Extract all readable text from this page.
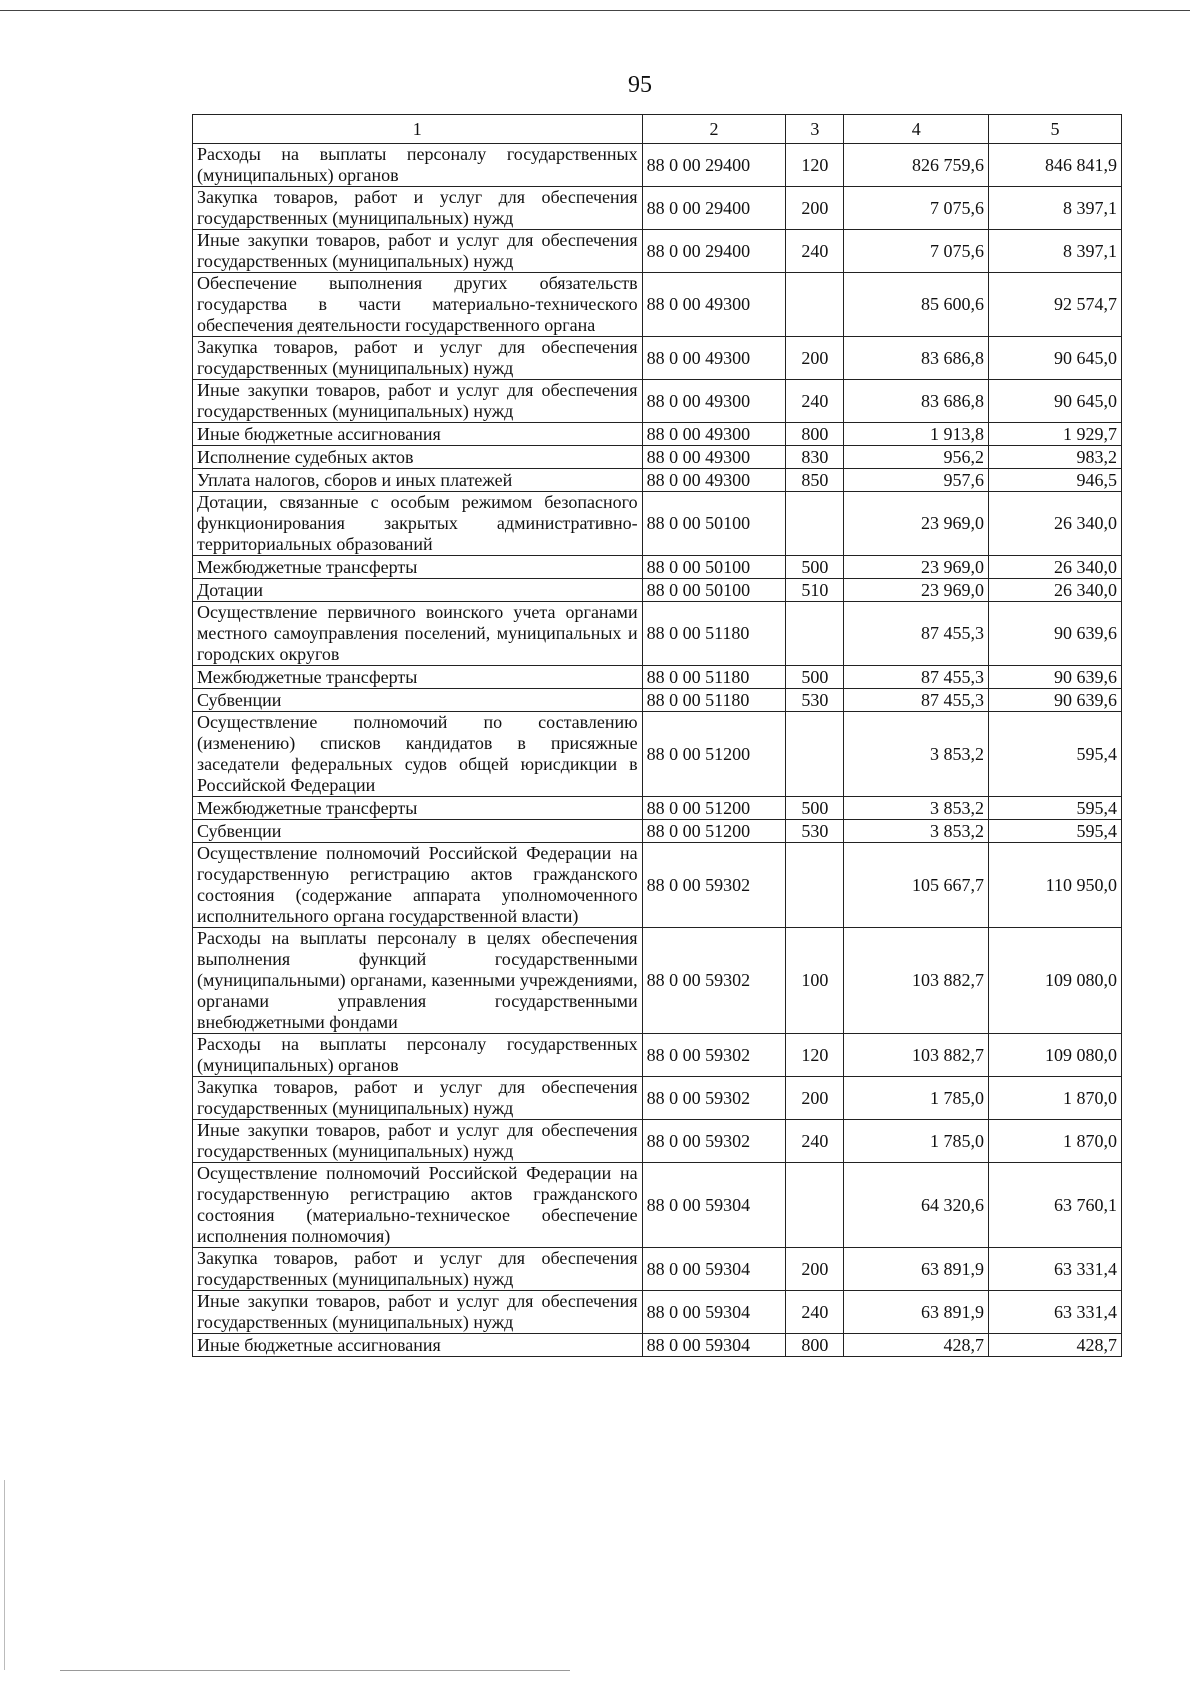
95
1	2	3	4	5
Расходы на выплаты персоналу государственных (муниципальных) органов	88 0 00 29400	120	826 759,6	846 841,9
Закупка товаров, работ и услуг для обеспечения государственных (муниципальных) нужд	88 0 00 29400	200	7 075,6	8 397,1
Иные закупки товаров, работ и услуг для обеспечения государственных (муниципальных) нужд	88 0 00 29400	240	7 075,6	8 397,1
Обеспечение выполнения других обязательств государства в части материально-технического обеспечения деятельности государственного органа	88 0 00 49300		85 600,6	92 574,7
Закупка товаров, работ и услуг для обеспечения государственных (муниципальных) нужд	88 0 00 49300	200	83 686,8	90 645,0
Иные закупки товаров, работ и услуг для обеспечения государственных (муниципальных) нужд	88 0 00 49300	240	83 686,8	90 645,0
Иные бюджетные ассигнования	88 0 00 49300	800	1 913,8	1 929,7
Исполнение судебных актов	88 0 00 49300	830	956,2	983,2
Уплата налогов, сборов и иных платежей	88 0 00 49300	850	957,6	946,5
Дотации, связанные с особым режимом безопасного функционирования закрытых административно-территориальных образований	88 0 00 50100		23 969,0	26 340,0
Межбюджетные трансферты	88 0 00 50100	500	23 969,0	26 340,0
Дотации	88 0 00 50100	510	23 969,0	26 340,0
Осуществление первичного воинского учета органами местного самоуправления поселений, муниципальных и городских округов	88 0 00 51180		87 455,3	90 639,6
Межбюджетные трансферты	88 0 00 51180	500	87 455,3	90 639,6
Субвенции	88 0 00 51180	530	87 455,3	90 639,6
Осуществление полномочий по составлению (изменению) списков кандидатов в присяжные заседатели федеральных судов общей юрисдикции в Российской Федерации	88 0 00 51200		3 853,2	595,4
Межбюджетные трансферты	88 0 00 51200	500	3 853,2	595,4
Субвенции	88 0 00 51200	530	3 853,2	595,4
Осуществление полномочий Российской Федерации на государственную регистрацию актов гражданского состояния (содержание аппарата уполномоченного исполнительного органа государственной власти)	88 0 00 59302		105 667,7	110 950,0
Расходы на выплаты персоналу в целях обеспечения выполнения функций государственными (муниципальными) органами, казенными учреждениями, органами управления государственными внебюджетными фондами	88 0 00 59302	100	103 882,7	109 080,0
Расходы на выплаты персоналу государственных (муниципальных) органов	88 0 00 59302	120	103 882,7	109 080,0
Закупка товаров, работ и услуг для обеспечения государственных (муниципальных) нужд	88 0 00 59302	200	1 785,0	1 870,0
Иные закупки товаров, работ и услуг для обеспечения государственных (муниципальных) нужд	88 0 00 59302	240	1 785,0	1 870,0
Осуществление полномочий Российской Федерации на государственную регистрацию актов гражданского состояния (материально-техническое обеспечение исполнения полномочия)	88 0 00 59304		64 320,6	63 760,1
Закупка товаров, работ и услуг для обеспечения государственных (муниципальных) нужд	88 0 00 59304	200	63 891,9	63 331,4
Иные закупки товаров, работ и услуг для обеспечения государственных (муниципальных) нужд	88 0 00 59304	240	63 891,9	63 331,4
Иные бюджетные ассигнования	88 0 00 59304	800	428,7	428,7
